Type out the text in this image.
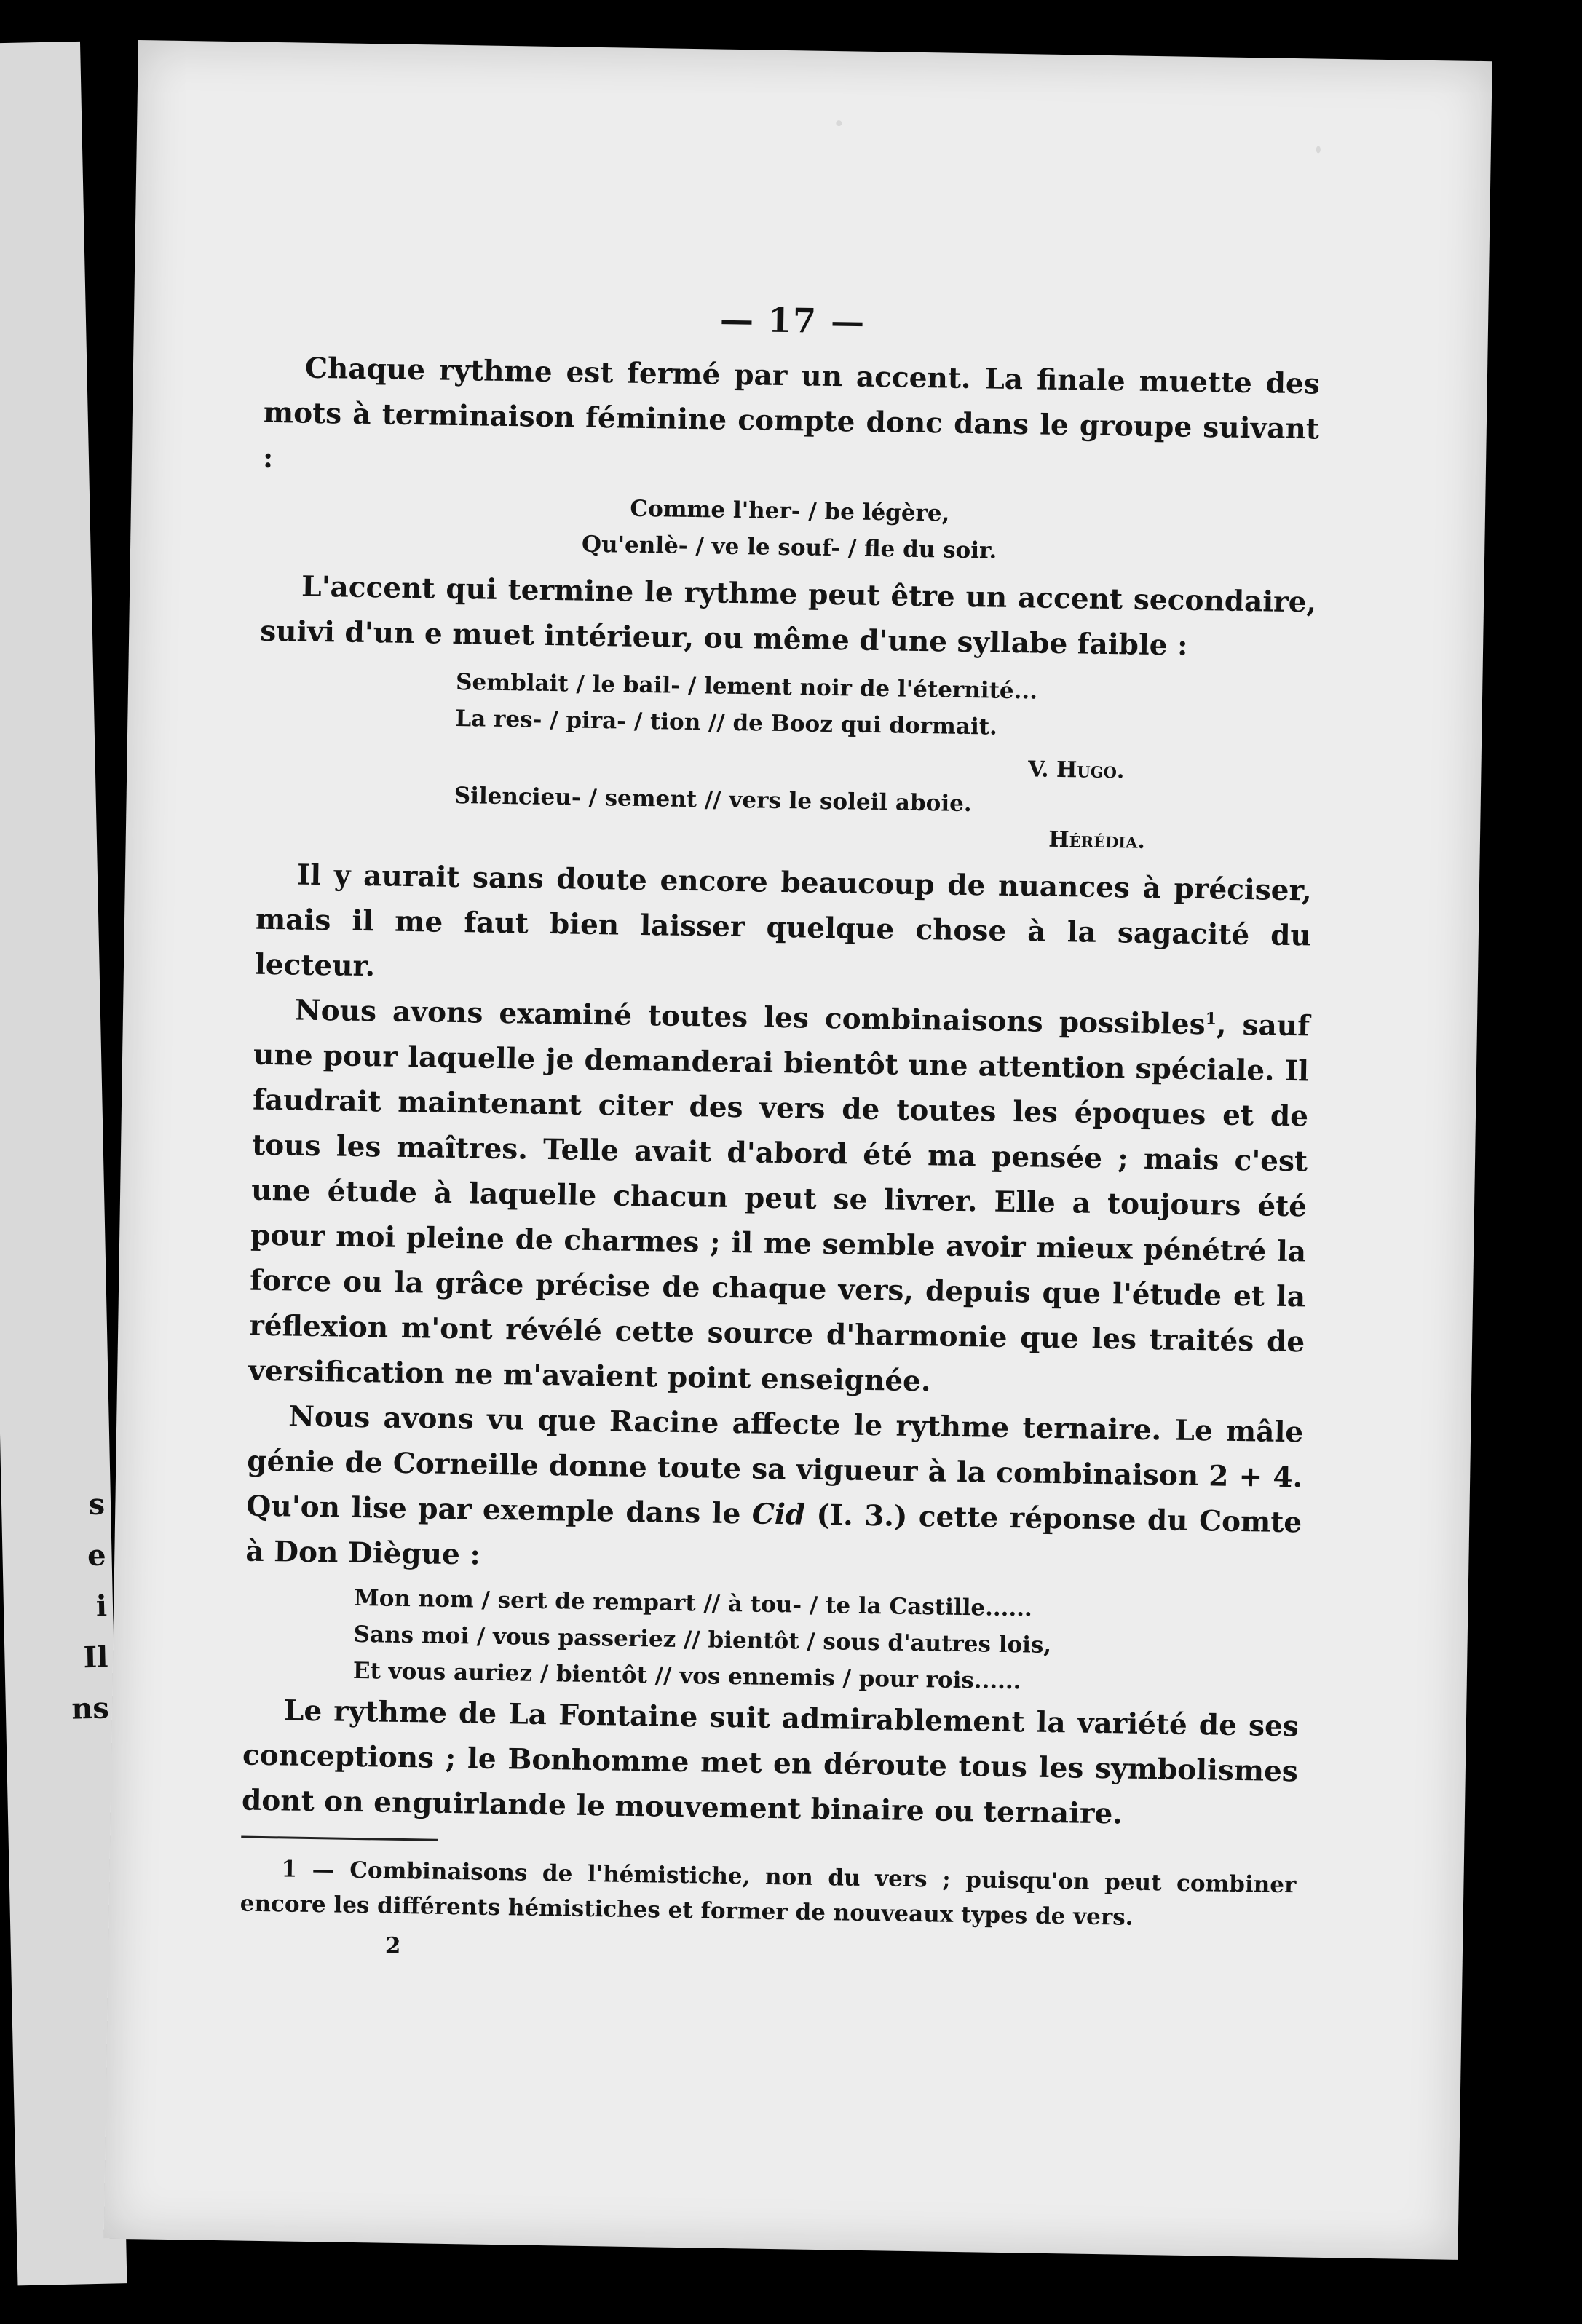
s
e
i
Il
ns
— 17 —

Chaque rythme est fermé par un accent. La finale muette des mots à terminaison féminine compte donc dans le groupe suivant :

Comme l'her- / be légère,
Qu'enlè- / ve le souf- / fle du soir.

L'accent qui termine le rythme peut être un accent secondaire, suivi d'un e muet intérieur, ou même d'une syllabe faible :

Semblait / le bail- / lement noir de l'éternité...
La res- / pira- / tion // de Booz qui dormait.
V. Hugo.
Silencieu- / sement // vers le soleil aboie.
Hérédia.

Il y aurait sans doute encore beaucoup de nuances à préciser, mais il me faut bien laisser quelque chose à la sagacité du lecteur.

Nous avons examiné toutes les combinaisons possibles$^1$, sauf une pour laquelle je demanderai bientôt une attention spéciale. Il faudrait maintenant citer des vers de toutes les époques et de tous les maîtres. Telle avait d'abord été ma pensée ; mais c'est une étude à laquelle chacun peut se livrer. Elle a toujours été pour moi pleine de charmes ; il me semble avoir mieux pénétré la force ou la grâce précise de chaque vers, depuis que l'étude et la réflexion m'ont révélé cette source d'harmonie que les traités de versification ne m'avaient point enseignée.

Nous avons vu que Racine affecte le rythme ternaire. Le mâle génie de Corneille donne toute sa vigueur à la combinaison 2 + 4. Qu'on lise par exemple dans le Cid (I. 3.) cette réponse du Comte à Don Diègue :

Mon nom / sert de rempart // à tou- / te la Castille......
Sans moi / vous passeriez // bientôt / sous d'autres lois,
Et vous auriez / bientôt // vos ennemis / pour rois......

Le rythme de La Fontaine suit admirablement la variété de ses conceptions ; le Bonhomme met en déroute tous les symbolismes dont on enguirlande le mouvement binaire ou ternaire.

1 — Combinaisons de l'hémistiche, non du vers ; puisqu'on peut combiner encore les différents hémistiches et former de nouveaux types de vers.
2
